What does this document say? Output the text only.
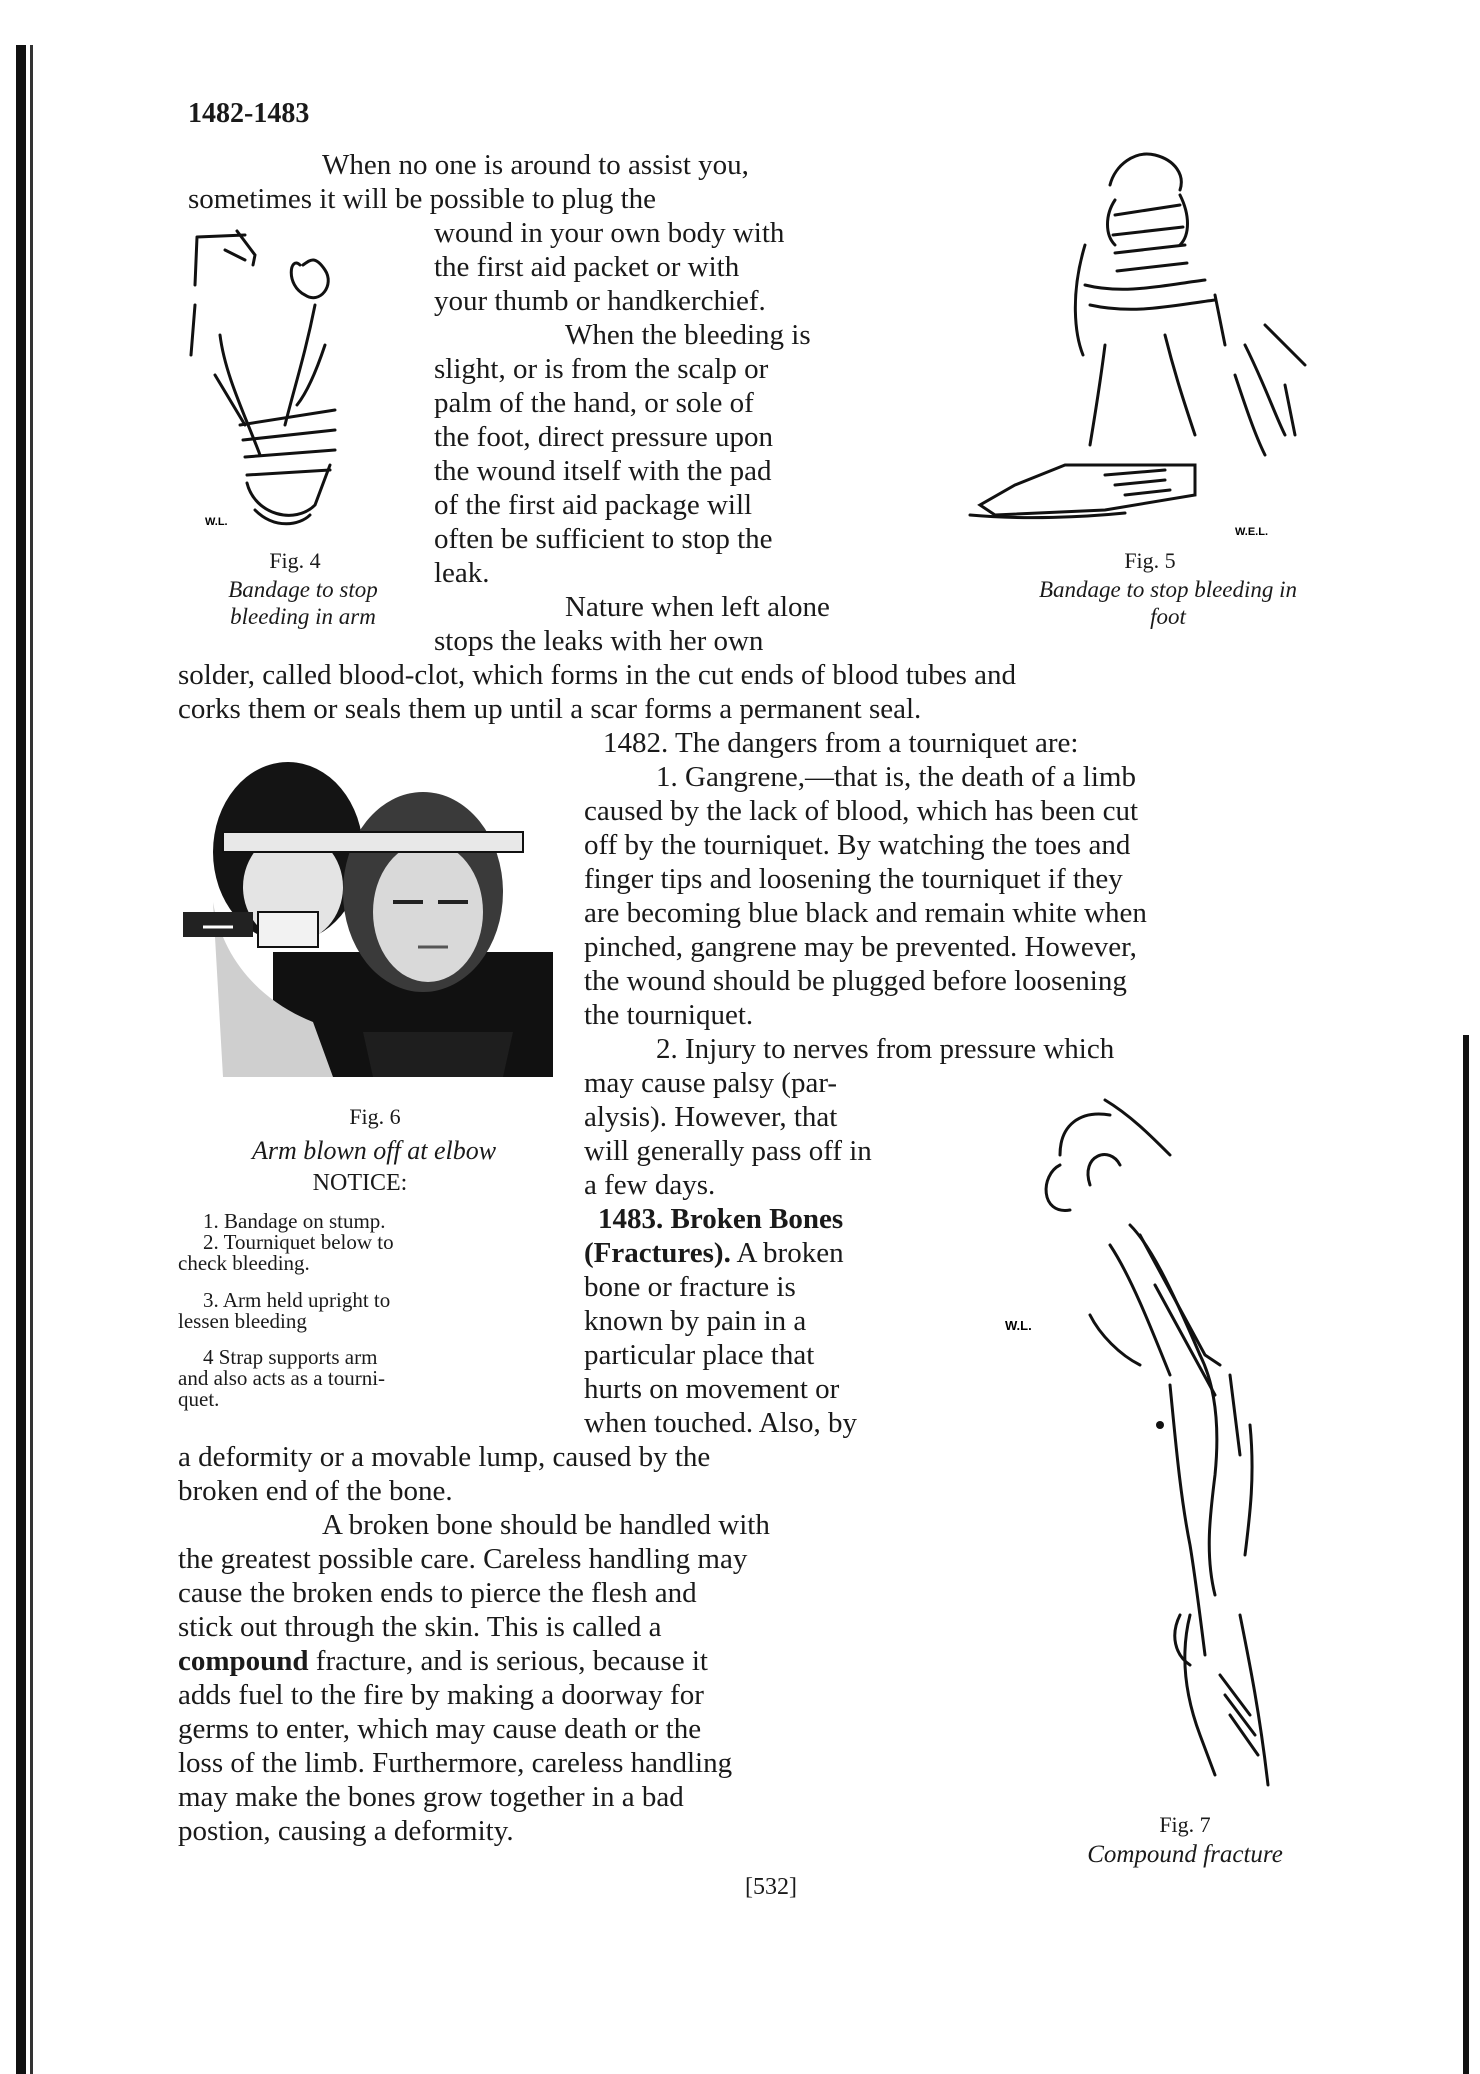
1482-1483
W.L.
Fig. 4
Bandage to stop
bleeding in arm
W.E.L.
Fig. 5
Bandage to stop bleeding in
foot
Fig. 6
Arm blown off at elbow
NOTICE:
1. Bandage on stump.
2. Tourniquet below to
check bleeding.
3. Arm held upright to
lessen bleeding
4 Strap supports arm
and also acts as a tourni-
quet.
W.L.
Fig. 7
Compound fracture
When no one is around to assist you,
sometimes it will be possible to plug the
wound in your own body with
the first aid packet or with
your thumb or handkerchief.
When the bleeding is
slight, or is from the scalp or
palm of the hand, or sole of
the foot, direct pressure upon
the wound itself with the pad
of the first aid package will
often be sufficient to stop the
leak.
Nature when left alone
stops the leaks with her own
solder, called blood-clot, which forms in the cut ends of blood tubes and
corks them or seals them up until a scar forms a permanent seal.
1482. The dangers from a tourniquet are:
1. Gangrene,—that is, the death of a limb
caused by the lack of blood, which has been cut
off by the tourniquet. By watching the toes and
finger tips and loosening the tourniquet if they
are becoming blue black and remain white when
pinched, gangrene may be prevented. However,
the wound should be plugged before loosening
the tourniquet.
2. Injury to nerves from pressure which
may cause palsy (par-
alysis). However, that
will generally pass off in
a few days.
1483. Broken Bones
(Fractures). A broken
bone or fracture is
known by pain in a
particular place that
hurts on movement or
when touched. Also, by
a deformity or a movable lump, caused by the
broken end of the bone.
A broken bone should be handled with
the greatest possible care. Careless handling may
cause the broken ends to pierce the flesh and
stick out through the skin. This is called a
compound fracture, and is serious, because it
adds fuel to the fire by making a doorway for
germs to enter, which may cause death or the
loss of the limb. Furthermore, careless handling
may make the bones grow together in a bad
postion, causing a deformity.
[532]
